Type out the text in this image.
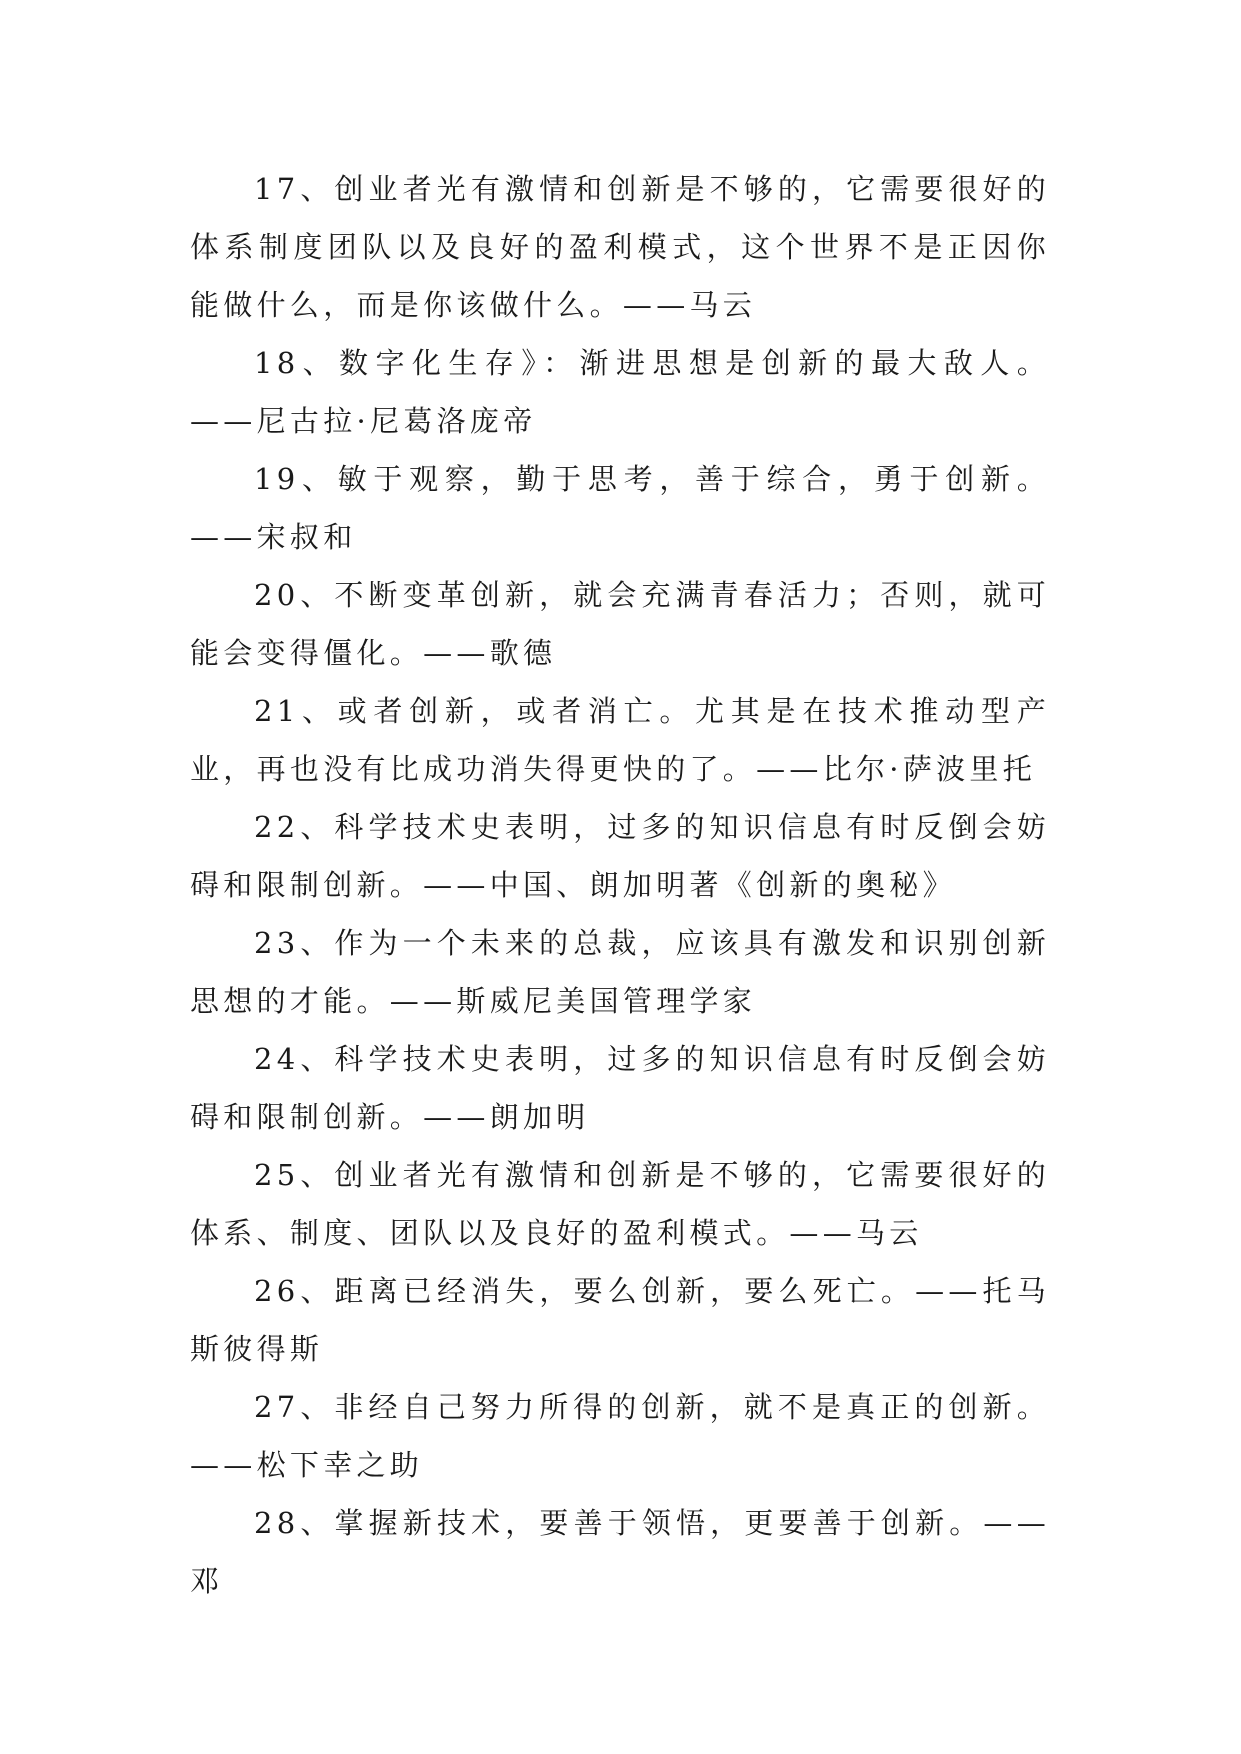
17、创业者光有激情和创新是不够的，它需要很好的体系制度团队以及良好的盈利模式，这个世界不是正因你能做什么，而是你该做什么。——马云

18、数字化生存》：渐进思想是创新的最大敌人。——尼古拉·尼葛洛庞帝

19、敏于观察，勤于思考，善于综合，勇于创新。——宋叔和

20、不断变革创新，就会充满青春活力；否则，就可能会变得僵化。——歌德

21、或者创新，或者消亡。尤其是在技术推动型产业，再也没有比成功消失得更快的了。——比尔·萨波里托

22、科学技术史表明，过多的知识信息有时反倒会妨碍和限制创新。——中国、朗加明著《创新的奥秘》

23、作为一个未来的总裁，应该具有激发和识别创新思想的才能。——斯威尼美国管理学家

24、科学技术史表明，过多的知识信息有时反倒会妨碍和限制创新。——朗加明

25、创业者光有激情和创新是不够的，它需要很好的体系、制度、团队以及良好的盈利模式。——马云

26、距离已经消失，要么创新，要么死亡。——托马斯彼得斯

27、非经自己努力所得的创新，就不是真正的创新。——松下幸之助

28、掌握新技术，要善于领悟，更要善于创新。——邓
